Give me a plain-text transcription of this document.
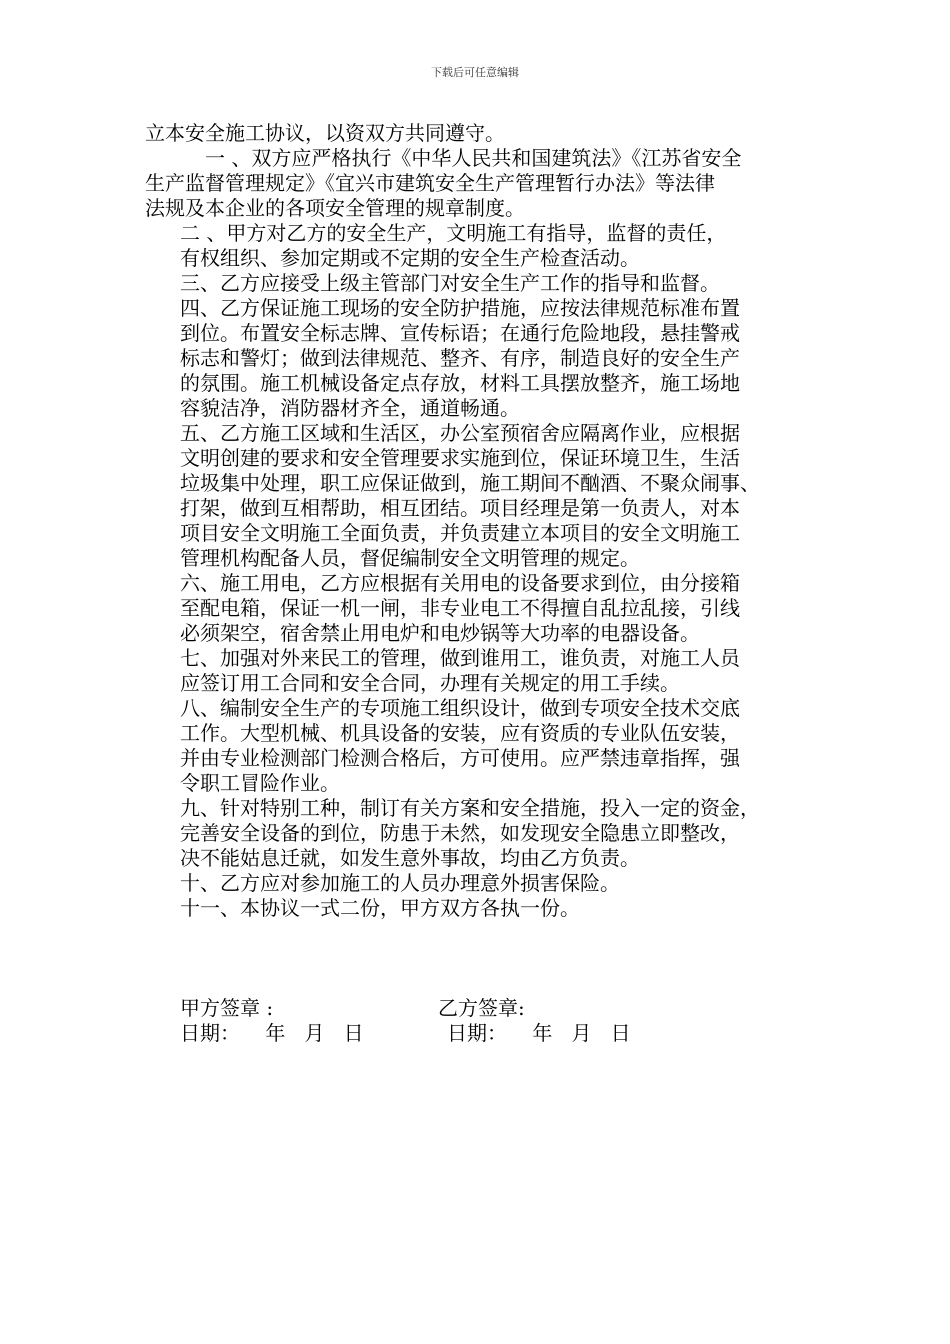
下载后可任意编辑
立本安全施工协议，以资双方共同遵守。
一 、双方应严格执行《中华人民共和国建筑法》《江苏省安全
生产监督管理规定》《宜兴市建筑安全生产管理暂行办法》等法律
法规及本企业的各项安全管理的规章制度。
二 、甲方对乙方的安全生产，文明施工有指导，监督的责任，
有权组织、参加定期或不定期的安全生产检查活动。
三、乙方应接受上级主管部门对安全生产工作的指导和监督。
四、乙方保证施工现场的安全防护措施，应按法律规范标准布置
到位。布置安全标志牌、宣传标语；在通行危险地段，悬挂警戒
标志和警灯；做到法律规范、整齐、有序，制造良好的安全生产
的氛围。施工机械设备定点存放，材料工具摆放整齐，施工场地
容貌洁净，消防器材齐全，通道畅通。
五、乙方施工区域和生活区，办公室预宿舍应隔离作业，应根据
文明创建的要求和安全管理要求实施到位，保证环境卫生，生活
垃圾集中处理，职工应保证做到，施工期间不酗酒、不聚众闹事、
打架，做到互相帮助，相互团结。项目经理是第一负责人，对本
项目安全文明施工全面负责，并负责建立本项目的安全文明施工
管理机构配备人员，督促编制安全文明管理的规定。
六、施工用电，乙方应根据有关用电的设备要求到位，由分接箱
至配电箱，保证一机一闸，非专业电工不得擅自乱拉乱接，引线
必须架空，宿舍禁止用电炉和电炒锅等大功率的电器设备。
七、加强对外来民工的管理，做到谁用工，谁负责，对施工人员
应签订用工合同和安全合同，办理有关规定的用工手续。
八、编制安全生产的专项施工组织设计，做到专项安全技术交底
工作。大型机械、机具设备的安装，应有资质的专业队伍安装，
并由专业检测部门检测合格后，方可使用。应严禁违章指挥，强
令职工冒险作业。
九、针对特别工种，制订有关方案和安全措施，投入一定的资金，
完善安全设备的到位，防患于未然，如发现安全隐患立即整改，
决不能姑息迁就，如发生意外事故，均由乙方负责。
十、乙方应对参加施工的人员办理意外损害保险。
十一、本协议一式二份，甲方双方各执一份。
甲方签章 :	乙方签章:
日期：    年   月   日	日期：    年   月   日
